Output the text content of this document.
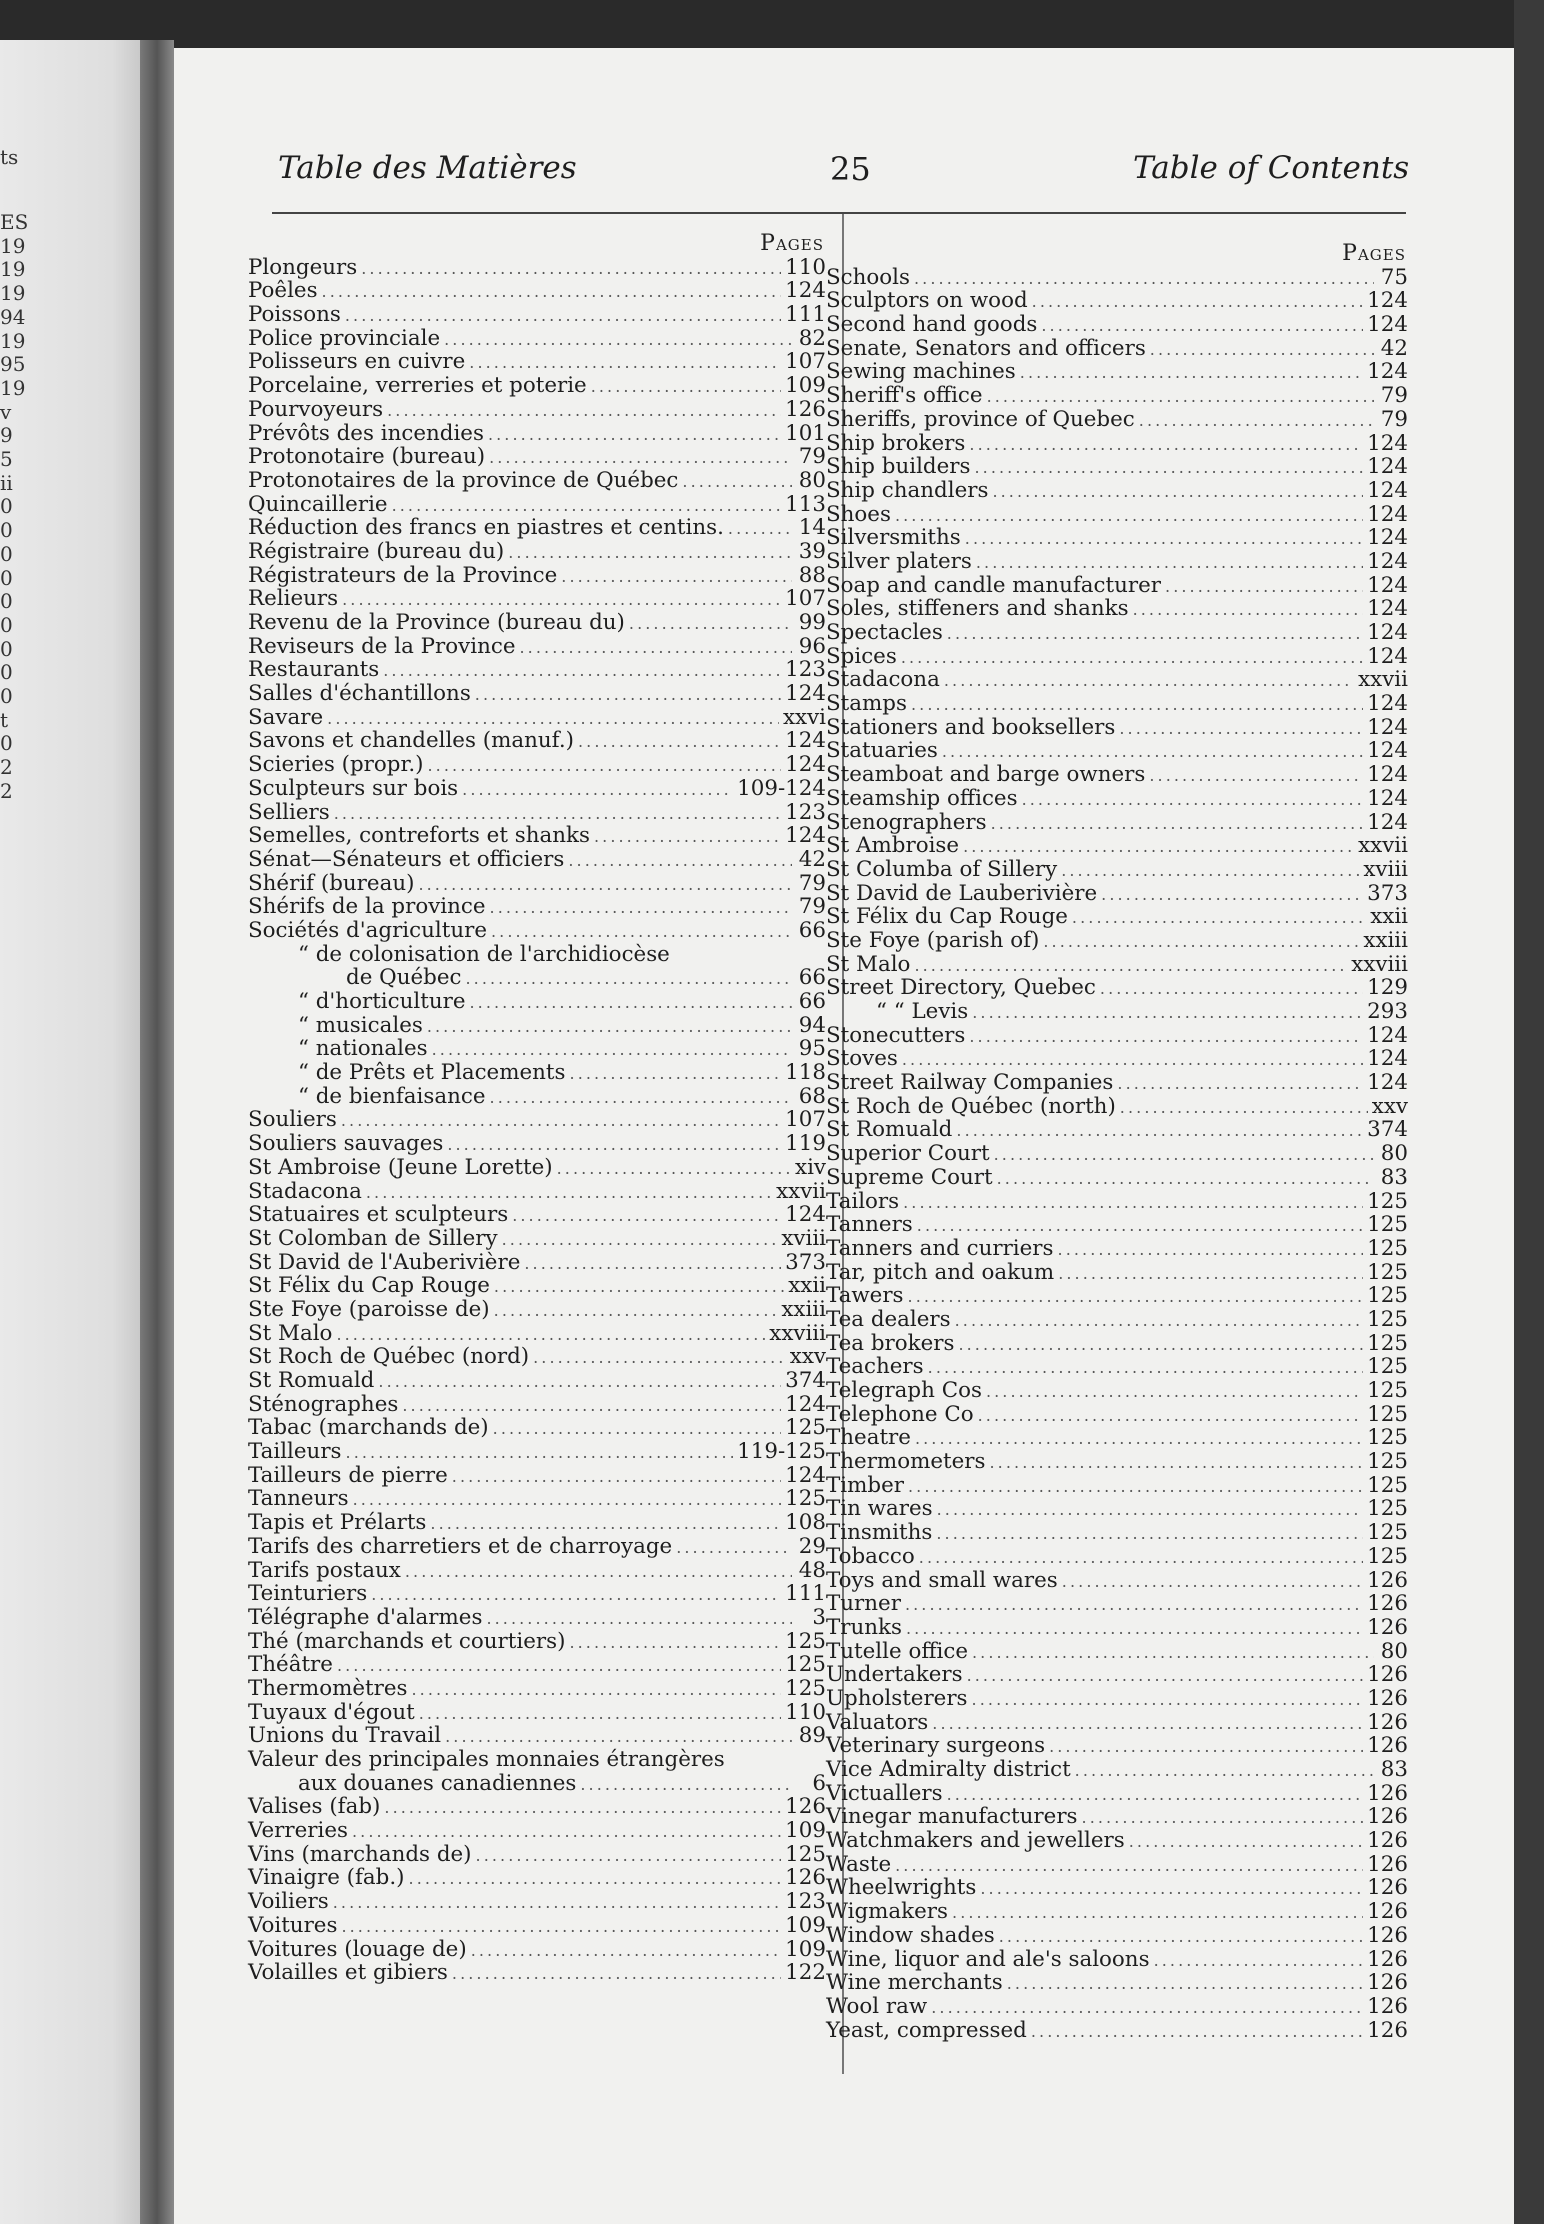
ts
ES
19
19
19
94
19
95
19
v
9
5
ii
0
0
0
0
0
0
0
0
0
t
0
2
2
Table des Matières	25	Table of Contents
Pages
Plongeurs . . .	110
Poêles . . .	124
Poissons . . .	111
Police provinciale . . .	82
Polisseurs en cuivre . . .	107
Porcelaine, verreries et poterie . . .	109
Pourvoyeurs . . .	126
Prévôts des incendies . . .	101
Protonotaire (bureau) . . .	79
Protonotaires de la province de Québec . . .	80
Quincaillerie . . .	113
Réduction des francs en piastres et centins. . . .	14
Régistraire (bureau du) . . .	39
Régistrateurs de la Province . . .	88
Relieurs . . .	107
Revenu de la Province (bureau du) . . .	99
Reviseurs de la Province . . .	96
Restaurants . . .	123
Salles d'échantillons . . .	124
Savare . . .	xxvi
Savons et chandelles (manuf.) . . .	124
Scieries (propr.) . . .	124
Sculpteurs sur bois . . .	109-124
Selliers . . .	123
Semelles, contreforts et shanks . . .	124
Sénat—Sénateurs et officiers . . .	42
Shérif (bureau) . . .	79
Shérifs de la province . . .	79
Sociétés d'agriculture . . .	66
“ de colonisation de l'archidiocèse
de Québec . . .	66
“ d'horticulture . . .	66
“ musicales . . .	94
“ nationales . . .	95
“ de Prêts et Placements . . .	118
“ de bienfaisance . . .	68
Souliers . . .	107
Souliers sauvages . . .	119
St Ambroise (Jeune Lorette) . . .	xiv
Stadacona . . .	xxvii
Statuaires et sculpteurs . . .	124
St Colomban de Sillery . . .	xviii
St David de l'Auberivière . . .	373
St Félix du Cap Rouge . . .	xxii
Ste Foye (paroisse de) . . .	xxiii
St Malo . . .	xxviii
St Roch de Québec (nord) . . .	xxv
St Romuald . . .	374
Sténographes . . .	124
Tabac (marchands de) . . .	125
Tailleurs . . .	119-125
Tailleurs de pierre . . .	124
Tanneurs . . .	125
Tapis et Prélarts . . .	108
Tarifs des charretiers et de charroyage . . .	29
Tarifs postaux . . .	48
Teinturiers . . .	111
Télégraphe d'alarmes . . .	3
Thé (marchands et courtiers) . . .	125
Théâtre . . .	125
Thermomètres . . .	125
Tuyaux d'égout . . .	110
Unions du Travail . . .	89
Valeur des principales monnaies étrangères
aux douanes canadiennes . . .	6
Valises (fab) . . .	126
Verreries . . .	109
Vins (marchands de) . . .	125
Vinaigre (fab.) . . .	126
Voiliers . . .	123
Voitures . . .	109
Voitures (louage de) . . .	109
Volailles et gibiers . . .	122
Pages
Schools . . .	75
Sculptors on wood . . .	124
Second hand goods . . .	124
Senate, Senators and officers . . .	42
Sewing machines . . .	124
Sheriff's office . . .	79
Sheriffs, province of Quebec . . .	79
Ship brokers . . .	124
Ship builders . . .	124
Ship chandlers . . .	124
Shoes . . .	124
Silversmiths . . .	124
Silver platers . . .	124
Soap and candle manufacturer . . .	124
Soles, stiffeners and shanks . . .	124
Spectacles . . .	124
Spices . . .	124
Stadacona . . .	xxvii
Stamps . . .	124
Stationers and booksellers . . .	124
Statuaries . . .	124
Steamboat and barge owners . . .	124
Steamship offices . . .	124
Stenographers . . .	124
St Ambroise . . .	xxvii
St Columba of Sillery . . .	xviii
St David de Lauberivière . . .	373
St Félix du Cap Rouge . . .	xxii
Ste Foye (parish of) . . .	xxiii
St Malo . . .	xxviii
Street Directory, Quebec . . .	129
“ “ Levis . . .	293
Stonecutters . . .	124
Stoves . . .	124
Street Railway Companies . . .	124
St Roch de Québec (north) . . .	xxv
St Romuald . . .	374
Superior Court . . .	80
Supreme Court . . .	83
Tailors . . .	125
Tanners . . .	125
Tanners and curriers . . .	125
Tar, pitch and oakum . . .	125
Tawers . . .	125
Tea dealers . . .	125
Tea brokers . . .	125
Teachers . . .	125
Telegraph Cos . . .	125
Telephone Co . . .	125
Theatre . . .	125
Thermometers . . .	125
Timber . . .	125
Tin wares . . .	125
Tinsmiths . . .	125
Tobacco . . .	125
Toys and small wares . . .	126
Turner . . .	126
Trunks . . .	126
Tutelle office . . .	80
Undertakers . . .	126
Upholsterers . . .	126
Valuators . . .	126
Veterinary surgeons . . .	126
Vice Admiralty district . . .	83
Victuallers . . .	126
Vinegar manufacturers . . .	126
Watchmakers and jewellers . . .	126
Waste . . .	126
Wheelwrights . . .	126
Wigmakers . . .	126
Window shades . . .	126
Wine, liquor and ale's saloons . . .	126
Wine merchants . . .	126
Wool raw . . .	126
Yeast, compressed . . .	126
